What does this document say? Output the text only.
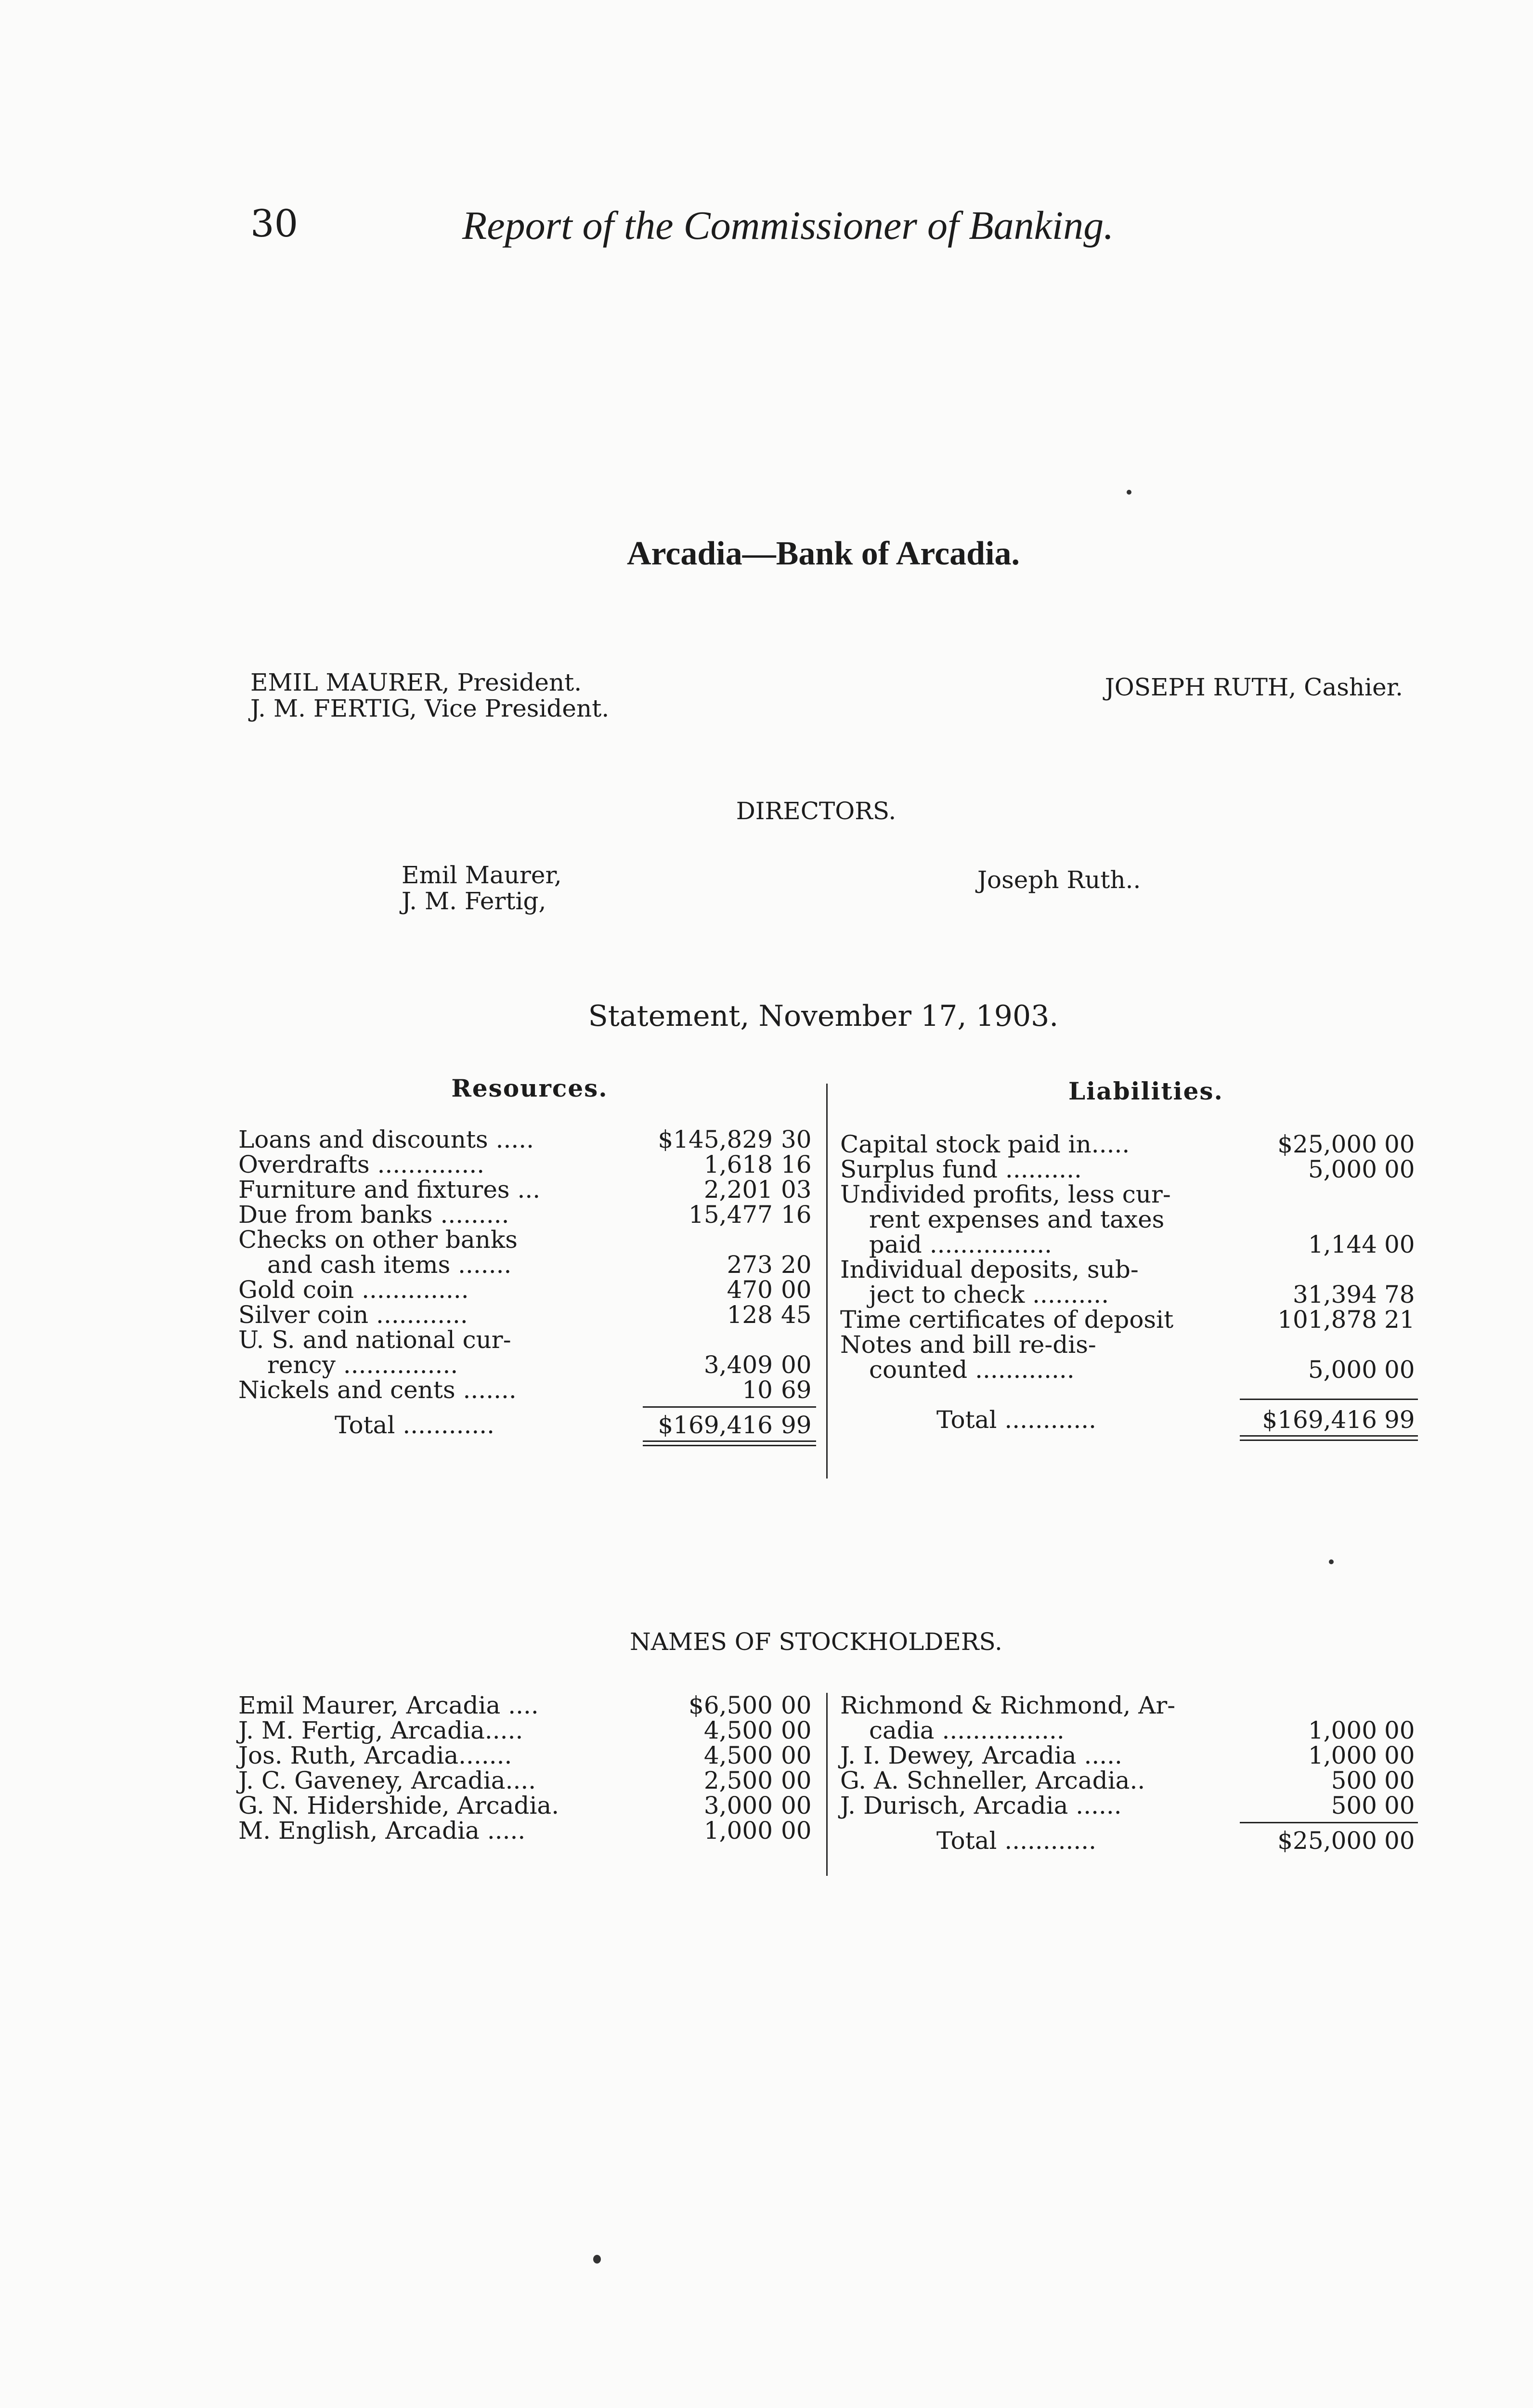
30	Report of the Commissioner of Banking.
Arcadia—Bank of Arcadia.
EMIL MAURER, President.
J. M. FERTIG, Vice President.
JOSEPH RUTH, Cashier.
DIRECTORS.
Emil Maurer,
J. M. Fertig,
Joseph Ruth..
Statement, November 17, 1903.
Resources.	Liabilities.
Loans and discounts .....	$145,829 30
Overdrafts ..............	1,618 16
Furniture and fixtures ...	2,201 03
Due from banks .........	15,477 16
Checks on other banks
and cash items .......	273 20
Gold coin ..............	470 00
Silver coin ............	128 45
U. S. and national cur-
rency ...............	3,409 00
Nickels and cents .......	10 69
Total ............	$169,416 99
Capital stock paid in.....	$25,000 00
Surplus fund ..........	5,000 00
Undivided profits, less cur-
rent expenses and taxes
paid ................	1,144 00
Individual deposits, sub-
ject to check ..........	31,394 78
Time certificates of deposit	101,878 21
Notes and bill re-dis-
counted .............	5,000 00
Total ............	$169,416 99
NAMES OF STOCKHOLDERS.
Emil Maurer, Arcadia ....	$6,500 00
J. M. Fertig, Arcadia.....	4,500 00
Jos. Ruth, Arcadia.......	4,500 00
J. C. Gaveney, Arcadia....	2,500 00
G. N. Hidershide, Arcadia.	3,000 00
M. English, Arcadia .....	1,000 00
Richmond & Richmond, Ar-
cadia ................	1,000 00
J. I. Dewey, Arcadia .....	1,000 00
G. A. Schneller, Arcadia..	500 00
J. Durisch, Arcadia ......	500 00
Total ............	$25,000 00
